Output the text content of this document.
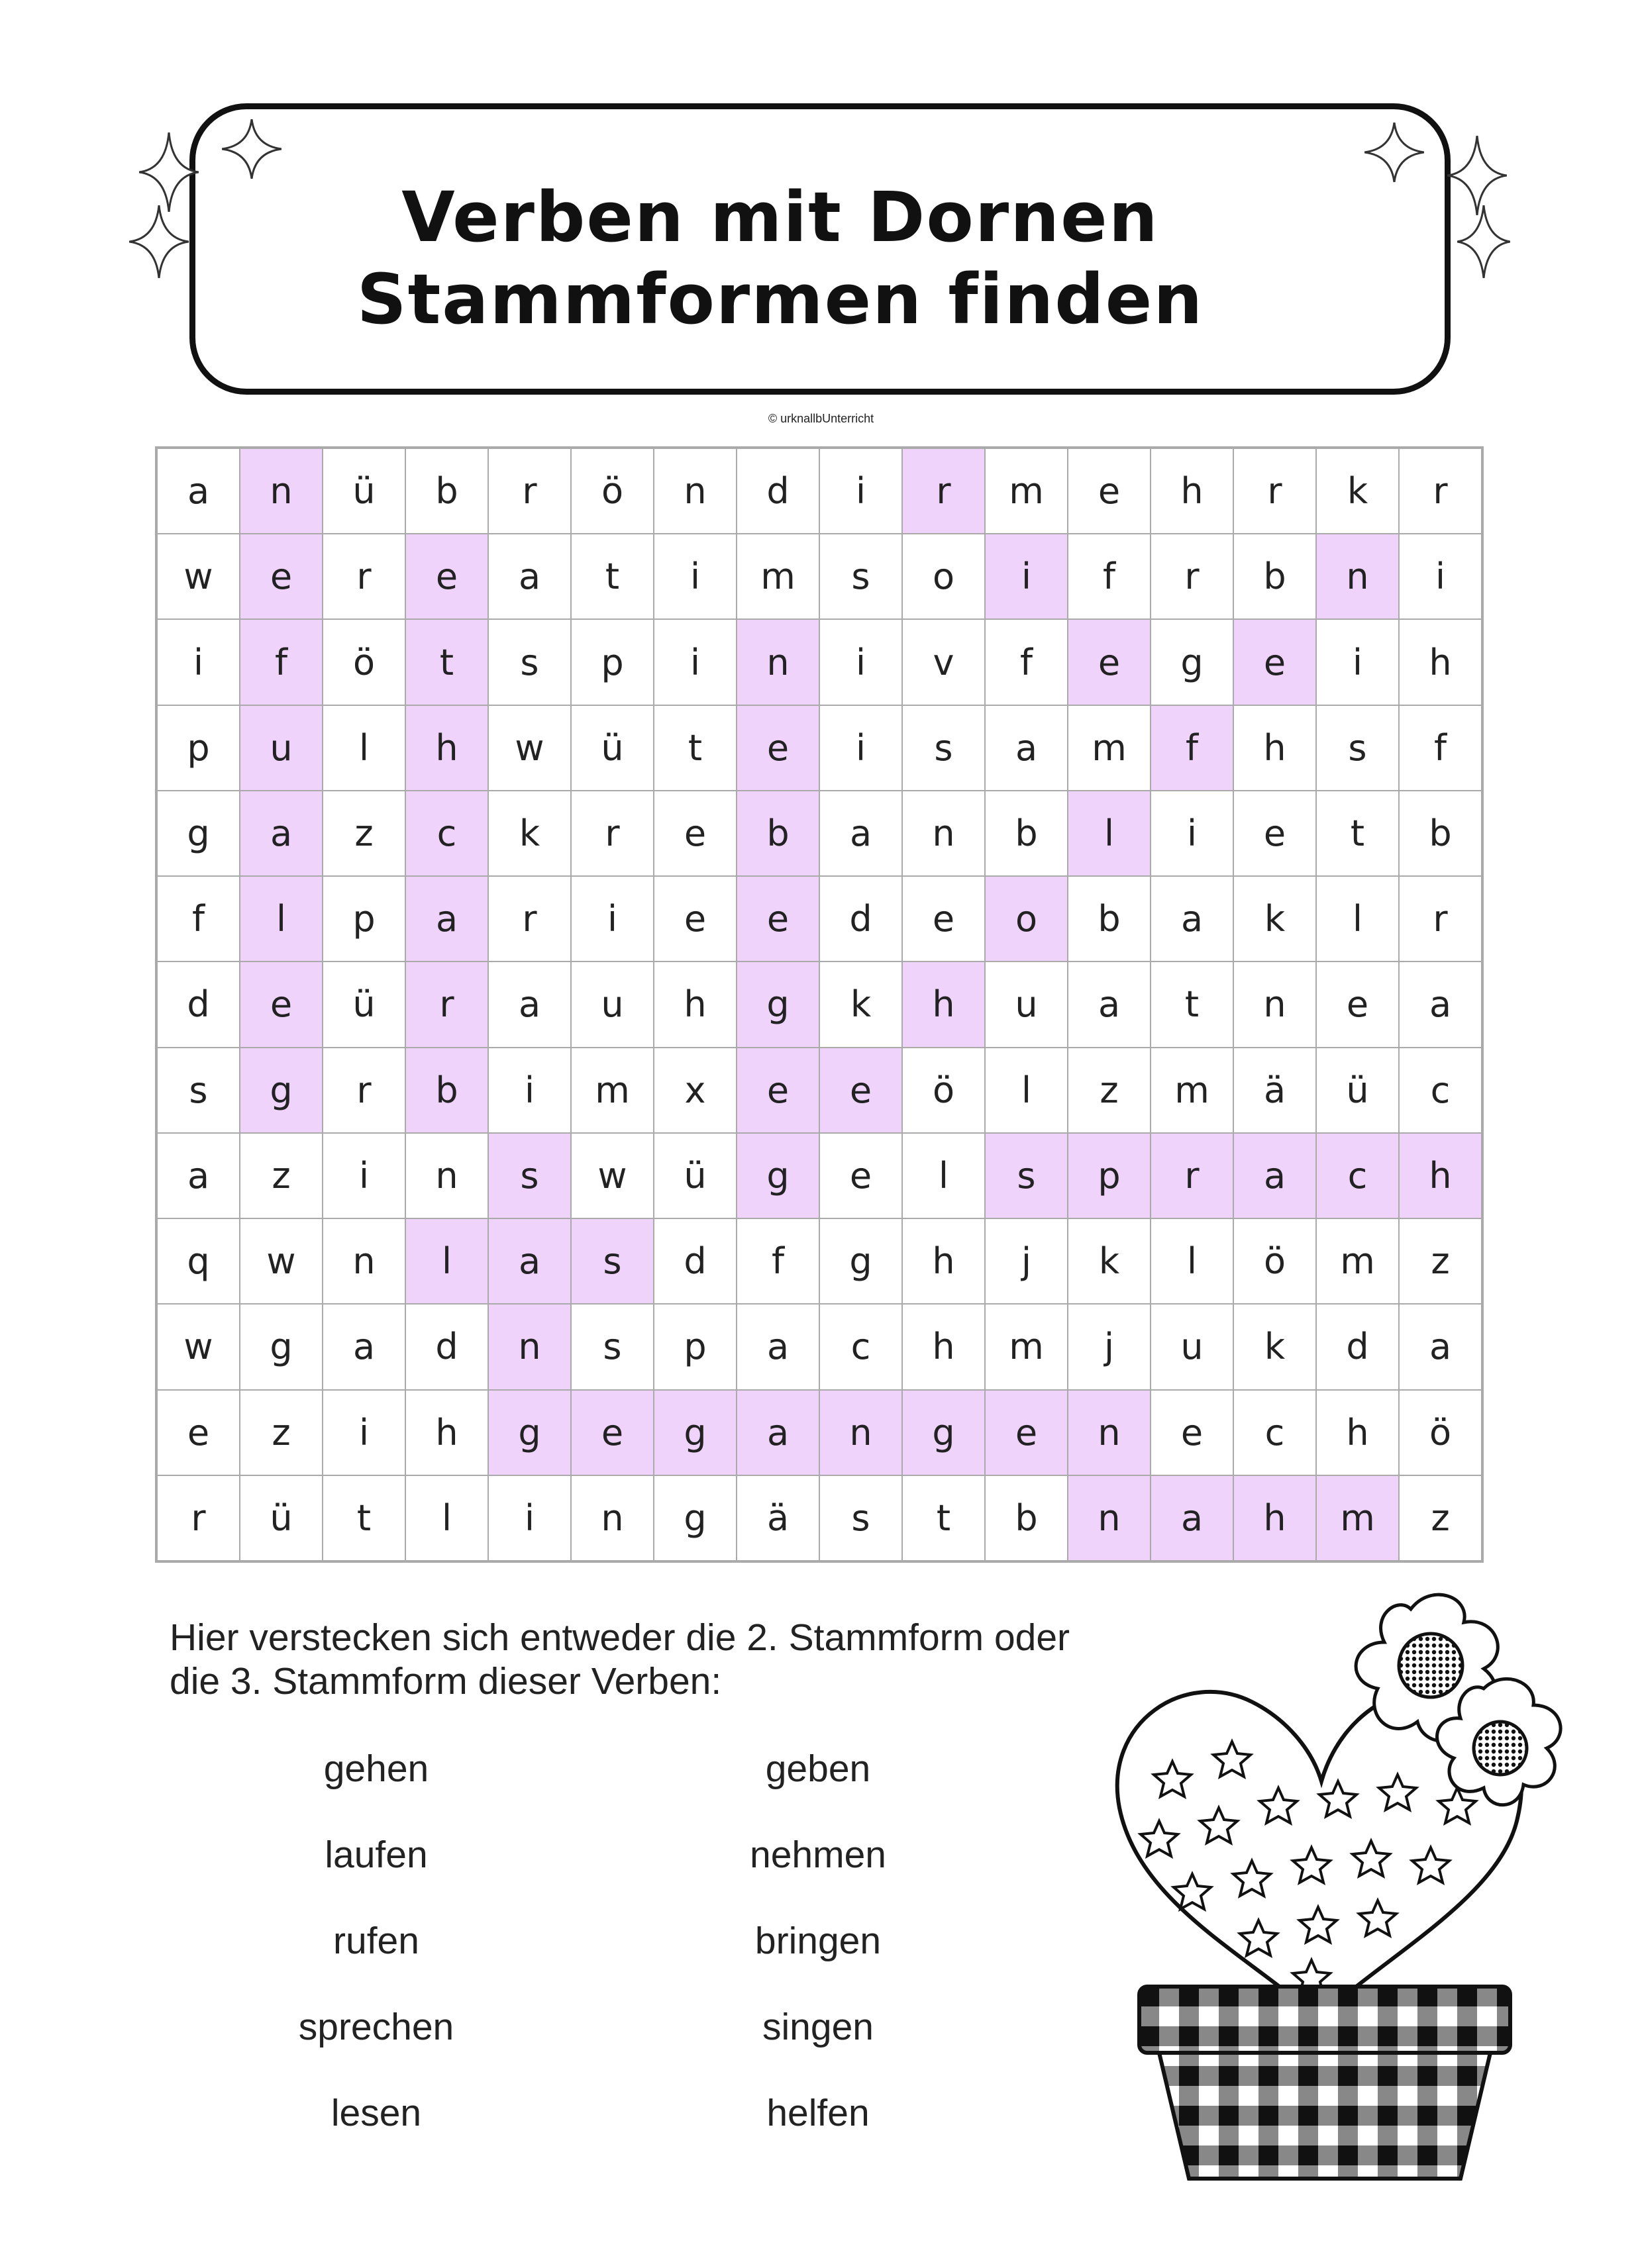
Verben mit Dornen
Stammformen finden
© urknallbUnterricht
a	n	ü	b	r	ö	n	d	i	r	m	e	h	r	k	r
w	e	r	e	a	t	i	m	s	o	i	f	r	b	n	i
i	f	ö	t	s	p	i	n	i	v	f	e	g	e	i	h
p	u	l	h	w	ü	t	e	i	s	a	m	f	h	s	f
g	a	z	c	k	r	e	b	a	n	b	l	i	e	t	b
f	l	p	a	r	i	e	e	d	e	o	b	a	k	l	r
d	e	ü	r	a	u	h	g	k	h	u	a	t	n	e	a
s	g	r	b	i	m	x	e	e	ö	l	z	m	ä	ü	c
a	z	i	n	s	w	ü	g	e	l	s	p	r	a	c	h
q	w	n	l	a	s	d	f	g	h	j	k	l	ö	m	z
w	g	a	d	n	s	p	a	c	h	m	j	u	k	d	a
e	z	i	h	g	e	g	a	n	g	e	n	e	c	h	ö
r	ü	t	l	i	n	g	ä	s	t	b	n	a	h	m	z
Hier verstecken sich entweder die 2. Stammform oder
die 3. Stammform dieser Verben:
gehen
laufen
rufen
sprechen
lesen
geben
nehmen
bringen
singen
helfen
